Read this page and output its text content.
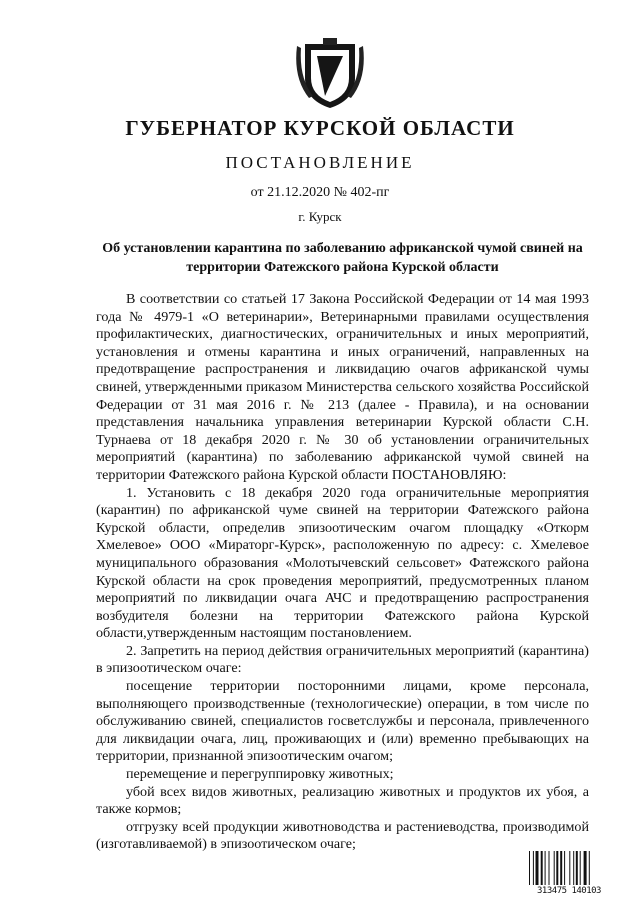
ГУБЕРНАТОР КУРСКОЙ ОБЛАСТИ
ПОСТАНОВЛЕНИЕ
от 21.12.2020 № 402-пг
г. Курск
Об установлении карантина по заболеванию африканской чумой свиней на территории Фатежского района Курской области

В соответствии со статьей 17 Закона Российской Федерации от 14 мая 1993 года № 4979-1 «О ветеринарии», Ветеринарными правилами осуществления профилактических, диагностических, ограничительных и иных мероприятий, установления и отмены карантина и иных ограничений, направленных на предотвращение распространения и ликвидацию очагов африканской чумы свиней, утвержденными приказом Министерства сельского хозяйства Российской Федерации от 31 мая 2016 г. № 213 (далее - Правила), и на основании представления начальника управления ветеринарии Курской области С.Н. Турнаева от 18 декабря 2020 г. № 30 об установлении ограничительных мероприятий (карантина) по заболеванию африканской чумой свиней на территории Фатежского района Курской области ПОСТАНОВЛЯЮ:

1. Установить с 18 декабря 2020 года ограничительные мероприятия (карантин) по африканской чуме свиней на территории Фатежского района Курской области, определив эпизоотическим очагом площадку «Откорм Хмелевое» ООО «Мираторг-Курск», расположенную по адресу: с. Хмелевое муниципального образования «Молотычевский сельсовет» Фатежского района Курской области на срок проведения мероприятий, предусмотренных планом мероприятий по ликвидации очага АЧС и предотвращению распространения возбудителя болезни на территории Фатежского района Курской области,утвержденным настоящим постановлением.

2. Запретить на период действия ограничительных мероприятий (карантина) в эпизоотическом очаге:

посещение территории посторонними лицами, кроме персонала, выполняющего производственные (технологические) операции, в том числе по обслуживанию свиней, специалистов госветслужбы и персонала, привлеченного для ликвидации очага, лиц, проживающих и (или) временно пребывающих на территории, признанной эпизоотическим очагом;

перемещение и перегруппировку животных;

убой всех видов животных, реализацию животных и продуктов их убоя, а также кормов;

отгрузку всей продукции животноводства и растениеводства, производимой (изготавливаемой) в эпизоотическом очаге;

313475 140103
